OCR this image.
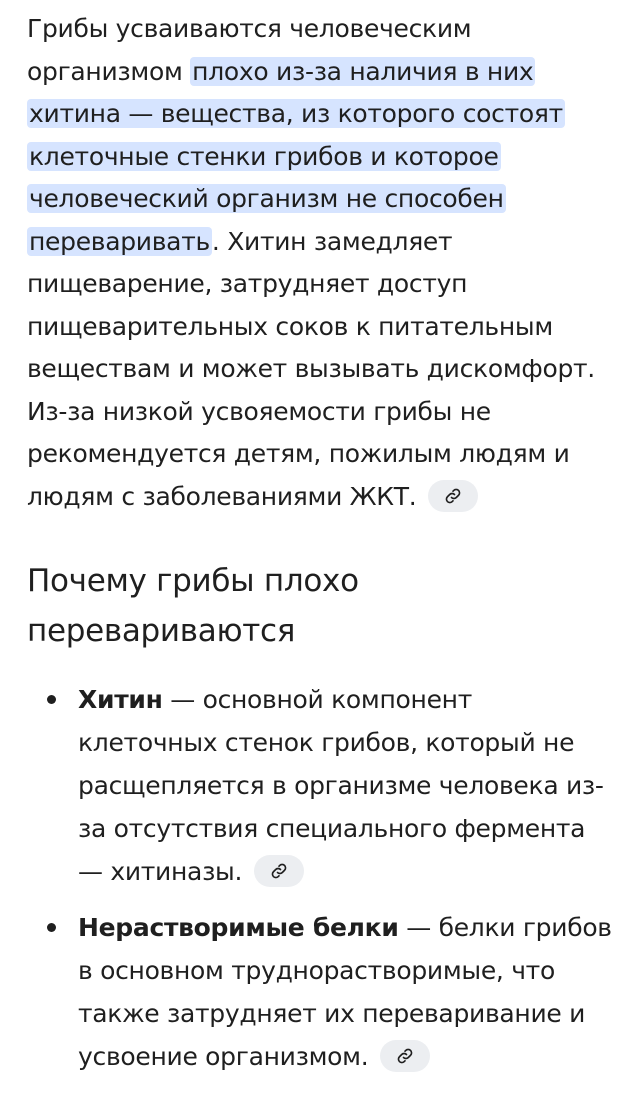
Грибы усваиваются человеческим организмом плохо из-за наличия в них хитина — вещества, из которого состоят клеточные стенки грибов и которое человеческий организм не способен переваривать. Хитин замедляет пищеварение, затрудняет доступ пищеварительных соков к питательным веществам и может вызывать дискомфорт. Из-за низкой усвояемости грибы не рекомендуется детям, пожилым людям и людям с заболеваниями ЖКТ.

Почему грибы плохо перевариваются
Хитин — основной компонент клеточных стенок грибов, который не расщепляется в организме человека из-за отсутствия специального фермента — хитиназы.
Нерастворимые белки — белки грибов в основном труднорастворимые, что также затрудняет их переваривание и усвоение организмом.
